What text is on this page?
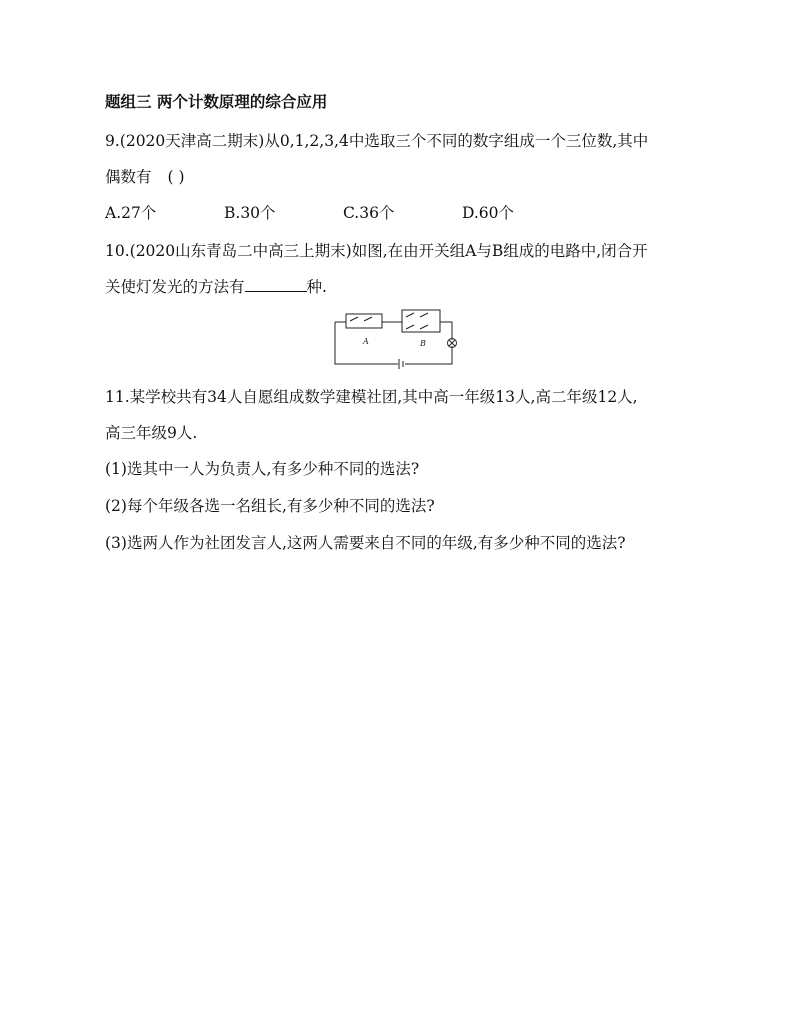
题组三 两个计数原理的综合应用
9.(2020天津高二期末)从0,1,2,3,4中选取三个不同的数字组成一个三位数,其中
偶数有 ( )
A.27个	B.30个	C.36个	D.60个
10.(2020山东青岛二中高三上期末)如图,在由开关组A与B组成的电路中,闭合开
关使灯发光的方法有	种.
A	B
11.某学校共有34人自愿组成数学建模社团,其中高一年级13人,高二年级12人,
高三年级9人.
(1)选其中一人为负责人,有多少种不同的选法?
(2)每个年级各选一名组长,有多少种不同的选法?
(3)选两人作为社团发言人,这两人需要来自不同的年级,有多少种不同的选法?
